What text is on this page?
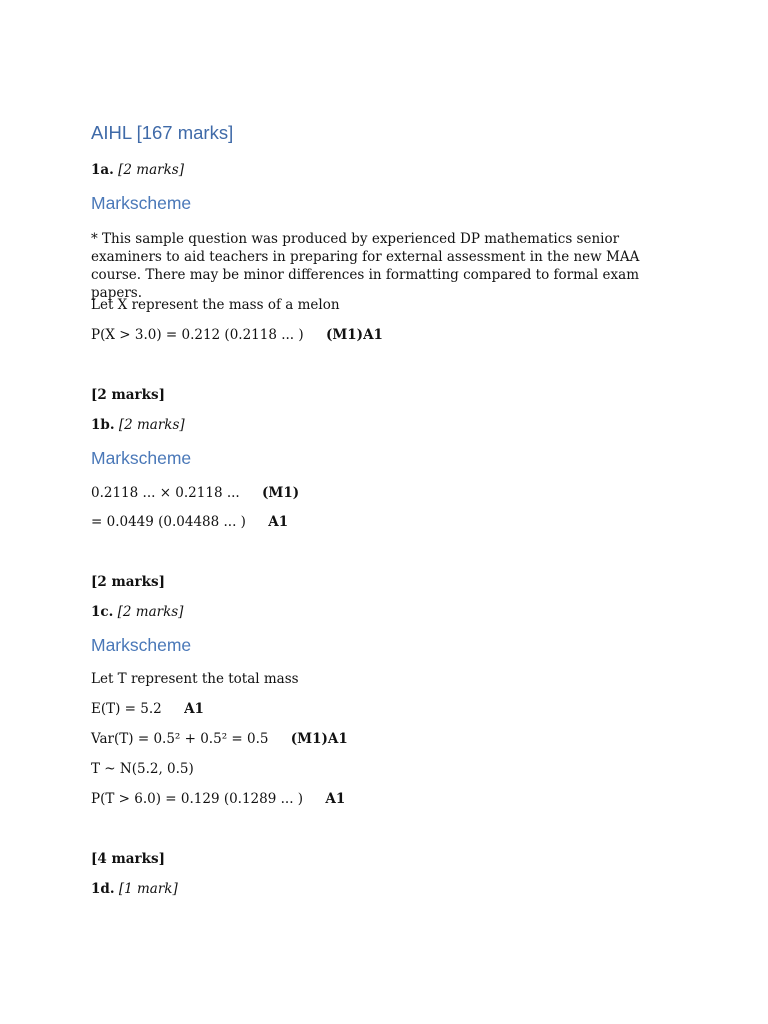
AIHL [167 marks]
1a. [2 marks]
Markscheme
* This sample question was produced by experienced DP mathematics senior examiners to aid teachers in preparing for external assessment in the new MAA course. There may be minor differences in formatting compared to formal exam papers.
Let X represent the mass of a melon
P(X > 3.0) = 0.212 (0.2118 ... ) (M1)A1
[2 marks]
1b. [2 marks]
Markscheme
0.2118 ... × 0.2118 ... (M1)
= 0.0449 (0.04488 ... ) A1
[2 marks]
1c. [2 marks]
Markscheme
Let T represent the total mass
E(T) = 5.2 A1
Var(T) = 0.5² + 0.5² = 0.5 (M1)A1
T ~ N(5.2, 0.5)
P(T > 6.0) = 0.129 (0.1289 ... ) A1
[4 marks]
1d. [1 mark]
